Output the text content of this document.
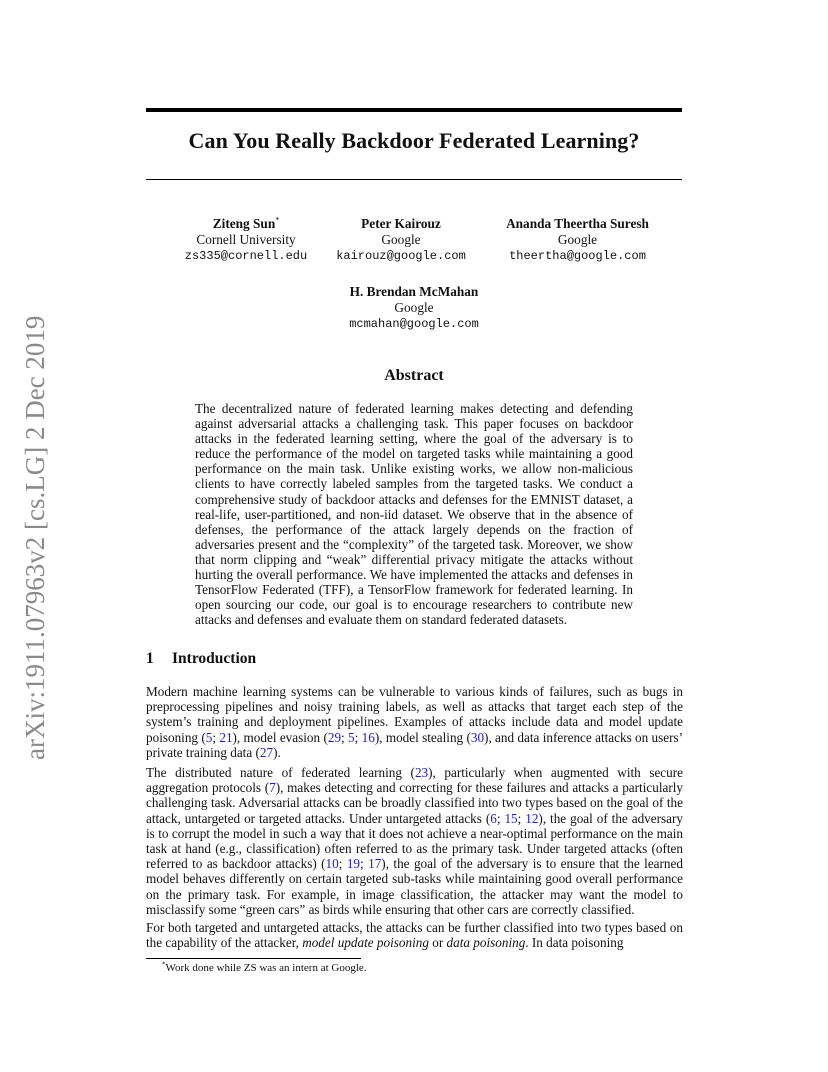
arXiv:1911.07963v2 [cs.LG] 2 Dec 2019
Can You Really Backdoor Federated Learning?
Ziteng Sun*
Cornell University
zs335@cornell.edu
Peter Kairouz
Google
kairouz@google.com
Ananda Theertha Suresh
Google
theertha@google.com
H. Brendan McMahan
Google
mcmahan@google.com
Abstract
The decentralized nature of federated learning makes detecting and defending against adversarial attacks a challenging task. This paper focuses on backdoor attacks in the federated learning setting, where the goal of the adversary is to reduce the performance of the model on targeted tasks while maintaining a good performance on the main task. Unlike existing works, we allow non-malicious clients to have correctly labeled samples from the targeted tasks. We conduct a comprehensive study of backdoor attacks and defenses for the EMNIST dataset, a real-life, user-partitioned, and non-iid dataset. We observe that in the absence of defenses, the performance of the attack largely depends on the fraction of adversaries present and the “complexity” of the targeted task. Moreover, we show that norm clipping and “weak” differential privacy mitigate the attacks without hurting the overall performance. We have implemented the attacks and defenses in TensorFlow Federated (TFF), a TensorFlow framework for federated learning. In open sourcing our code, our goal is to encourage researchers to contribute new attacks and defenses and evaluate them on standard federated datasets.
1 Introduction
Modern machine learning systems can be vulnerable to various kinds of failures, such as bugs in preprocessing pipelines and noisy training labels, as well as attacks that target each step of the system’s training and deployment pipelines. Examples of attacks include data and model update poisoning (5; 21), model evasion (29; 5; 16), model stealing (30), and data inference attacks on users’ private training data (27).
The distributed nature of federated learning (23), particularly when augmented with secure aggregation protocols (7), makes detecting and correcting for these failures and attacks a particularly challenging task. Adversarial attacks can be broadly classified into two types based on the goal of the attack, untargeted or targeted attacks. Under untargeted attacks (6; 15; 12), the goal of the adversary is to corrupt the model in such a way that it does not achieve a near-optimal performance on the main task at hand (e.g., classification) often referred to as the primary task. Under targeted attacks (often referred to as backdoor attacks) (10; 19; 17), the goal of the adversary is to ensure that the learned model behaves differently on certain targeted sub-tasks while maintaining good overall performance on the primary task. For example, in image classification, the attacker may want the model to misclassify some “green cars” as birds while ensuring that other cars are correctly classified.
For both targeted and untargeted attacks, the attacks can be further classified into two types based on the capability of the attacker, model update poisoning or data poisoning. In data poisoning
*Work done while ZS was an intern at Google.
